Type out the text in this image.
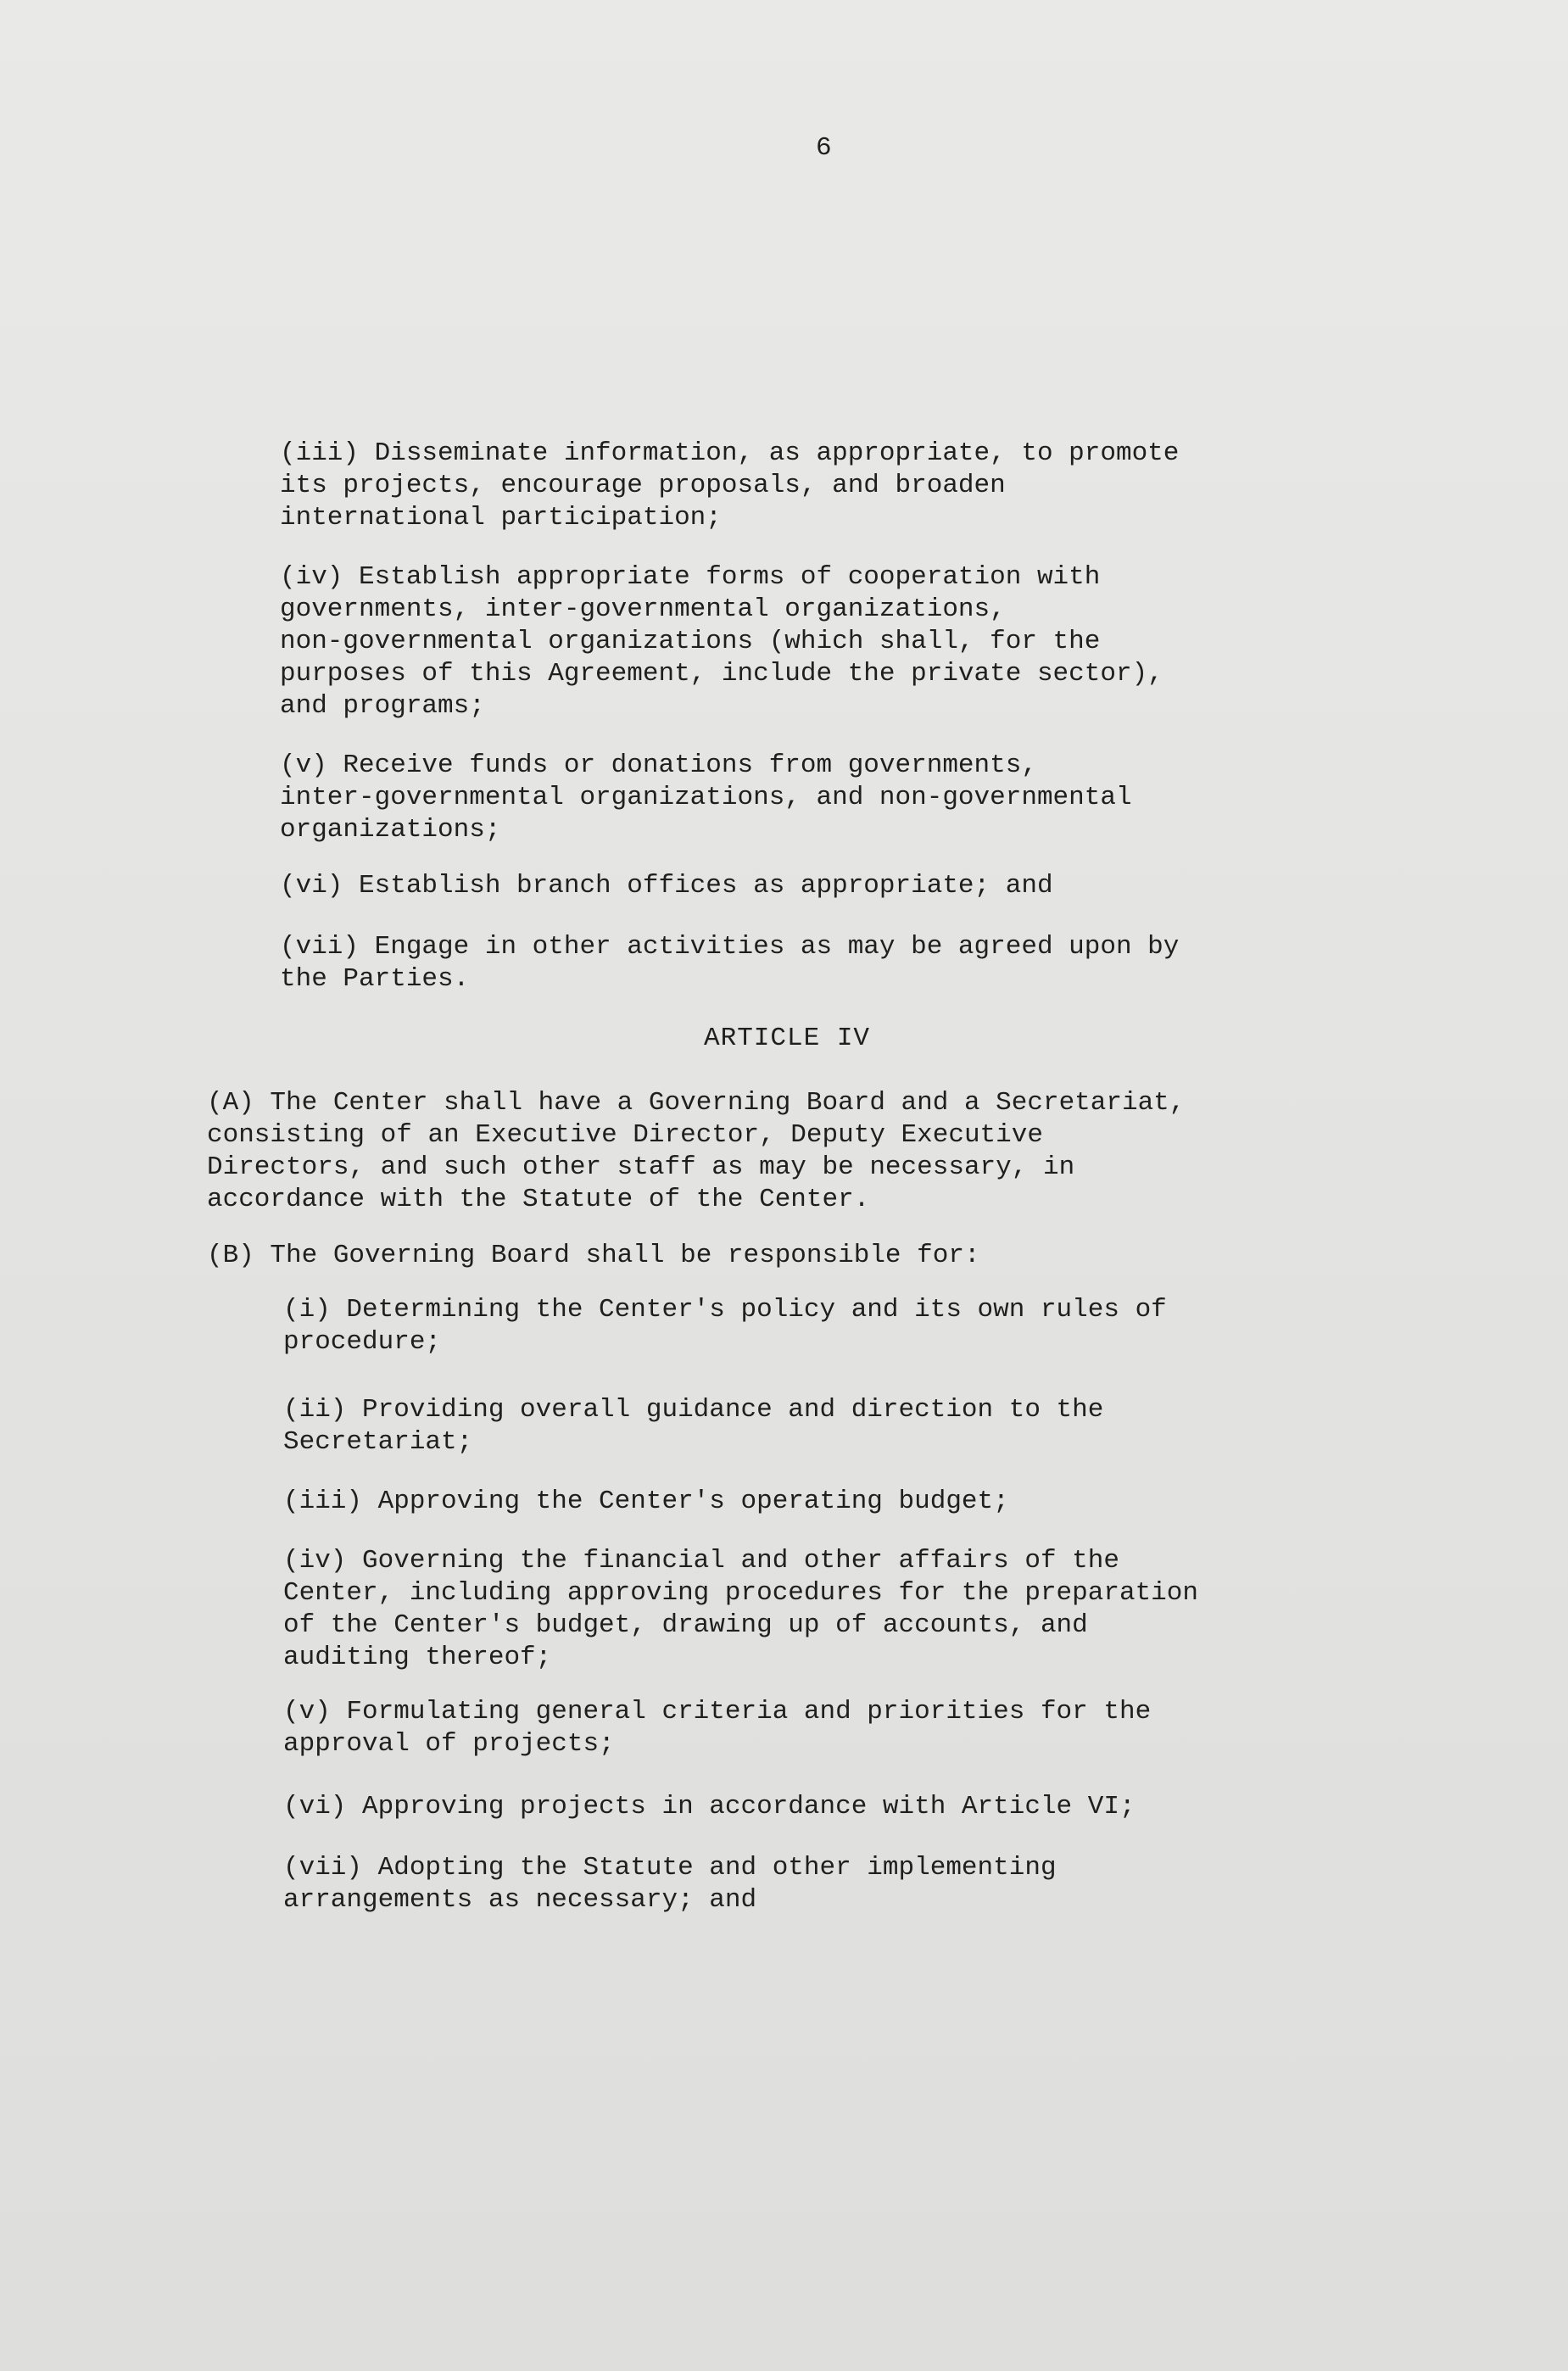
6
(iii) Disseminate information, as appropriate, to promote
its projects, encourage proposals, and broaden
international participation;
(iv) Establish appropriate forms of cooperation with
governments, inter-governmental organizations,
non-governmental organizations (which shall, for the
purposes of this Agreement, include the private sector),
and programs;
(v) Receive funds or donations from governments,
inter-governmental organizations, and non-governmental
organizations;
(vi) Establish branch offices as appropriate; and
(vii) Engage in other activities as may be agreed upon by
the Parties.
ARTICLE IV
(A) The Center shall have a Governing Board and a Secretariat,
consisting of an Executive Director, Deputy Executive
Directors, and such other staff as may be necessary, in
accordance with the Statute of the Center.
(B) The Governing Board shall be responsible for:
(i) Determining the Center's policy and its own rules of
procedure;
(ii) Providing overall guidance and direction to the
Secretariat;
(iii) Approving the Center's operating budget;
(iv) Governing the financial and other affairs of the
Center, including approving procedures for the preparation
of the Center's budget, drawing up of accounts, and
auditing thereof;
(v) Formulating general criteria and priorities for the
approval of projects;
(vi) Approving projects in accordance with Article VI;
(vii) Adopting the Statute and other implementing
arrangements as necessary; and
